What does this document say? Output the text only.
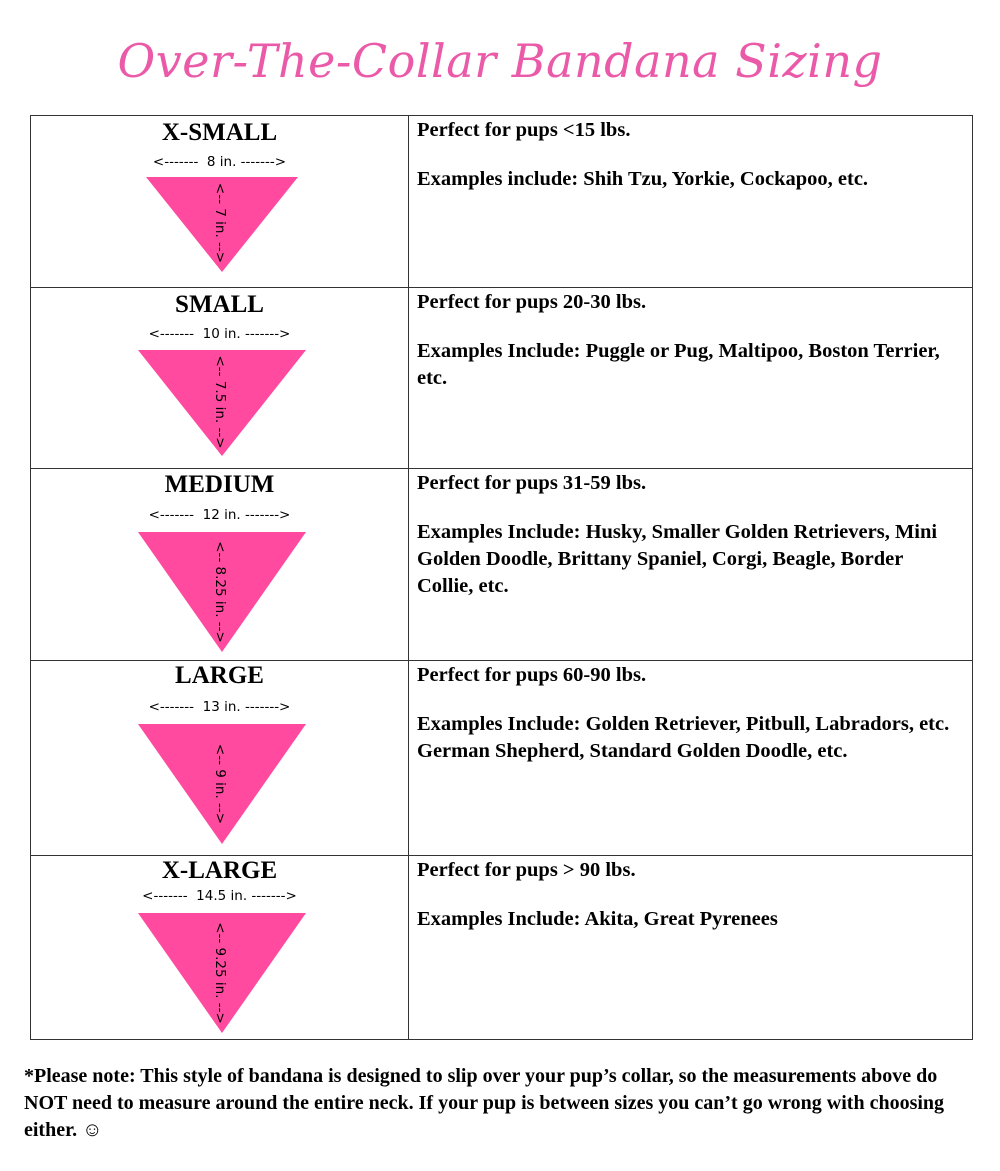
Over-The-Collar Bandana Sizing
X-SMALL
<-------  8 in. ------->
<-- 7 in. -->

Perfect for pups <15 lbs.

Examples include: Shih Tzu, Yorkie, Cockapoo, etc.

SMALL
<-------  10 in. ------->
<-- 7.5 in. -->

Perfect for pups 20-30 lbs.

Examples Include: Puggle or Pug, Maltipoo, Boston Terrier, etc.

MEDIUM
<-------  12 in. ------->
<-- 8.25 in. -->

Perfect for pups 31-59 lbs.

Examples Include: Husky, Smaller Golden Retrievers, Mini Golden Doodle, Brittany Spaniel, Corgi, Beagle, Border Collie, etc.

LARGE
<-------  13 in. ------->
<-- 9 in. -->

Perfect for pups 60-90 lbs.

Examples Include: Golden Retriever, Pitbull, Labradors, etc. German Shepherd, Standard Golden Doodle, etc.

X-LARGE
<-------  14.5 in. ------->
<-- 9.25 in. -->

Perfect for pups > 90 lbs.

Examples Include: Akita, Great Pyrenees

*Please note: This style of bandana is designed to slip over your pup’s collar, so the measurements above do NOT need to measure around the entire neck. If your pup is between sizes you can’t go wrong with choosing either. ☺
